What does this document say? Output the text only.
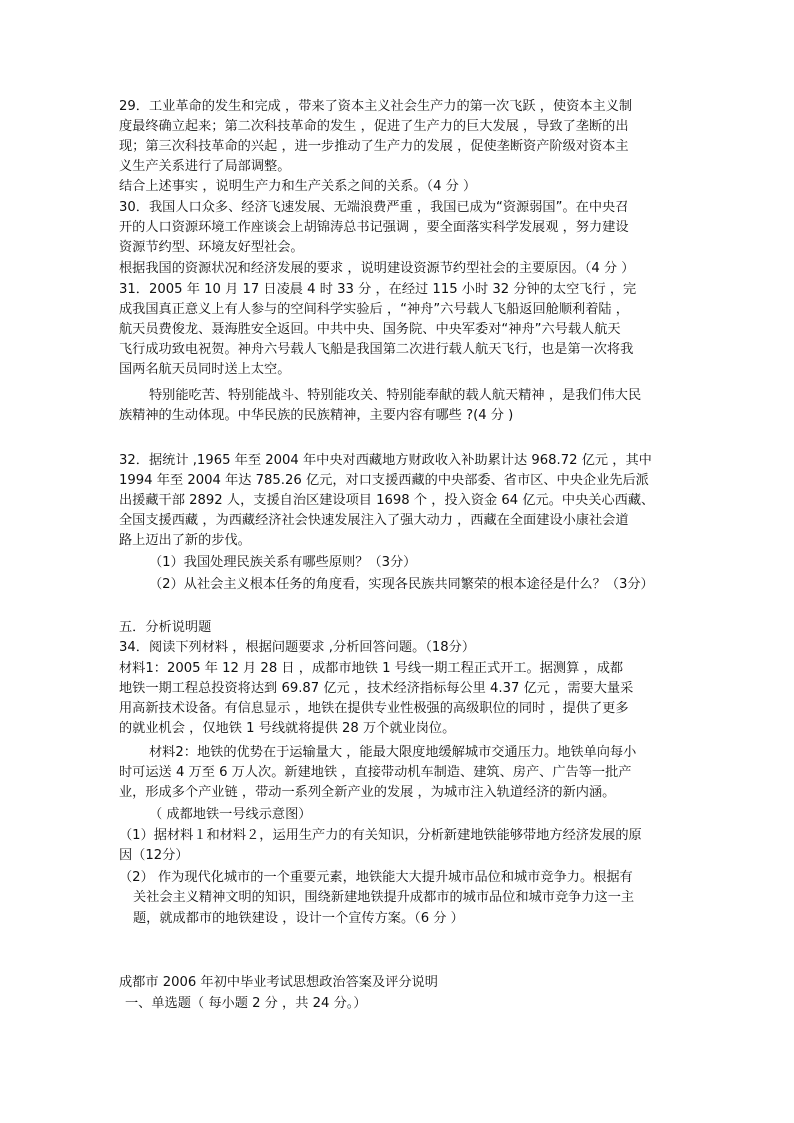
29．工业革命的发生和完成 ，带来了资本主义社会生产力的第一次飞跃 ，使资本主义制
度最终确立起来；第二次科技革命的发生 ，促进了生产力的巨大发展 ，导致了垄断的出
现；第三次科技革命的兴起 ，进一步推动了生产力的发展 ，促使垄断资产阶级对资本主
义生产关系进行了局部调整。
结合上述事实 ，说明生产力和生产关系之间的关系。（4 分 ）
30．我国人口众多、经济飞速发展、无端浪费严重 ，我国已成为“资源弱国”。在中央召
开的人口资源环境工作座谈会上胡锦涛总书记强调 ，要全面落实科学发展观 ，努力建设
资源节约型、环境友好型社会。
根据我国的资源状况和经济发展的要求 ，说明建设资源节约型社会的主要原因。（4 分 ）
31．2005 年 10 月 17 日凌晨 4 时 33 分 ，在经过 115 小时 32 分钟的太空飞行 ，完
成我国真正意义上有人参与的空间科学实验后 ，“神舟”六号载人飞船返回舱顺利着陆 ，
航天员费俊龙、聂海胜安全返回。中共中央、国务院、中央军委对“神舟”六号载人航天
飞行成功致电祝贺。神舟六号载人飞船是我国第二次进行载人航天飞行，也是第一次将我
国两名航天员同时送上太空。
特别能吃苦、特别能战斗、特别能攻关、特别能奉献的载人航天精神 ，是我们伟大民
族精神的生动体现。中华民族的民族精神，主要内容有哪些 ?(4 分 )
32．据统计 ,1965 年至 2004 年中央对西藏地方财政收入补助累计达 968.72 亿元 ，其中
1994 年至 2004 年达 785.26 亿元，对口支援西藏的中央部委、省市区、中央企业先后派
出援藏干部 2892 人，支援自治区建设项目 1698 个 ，投入资金 64 亿元。中央关心西藏、
全国支援西藏 ，为西藏经济社会快速发展注入了强大动力 ，西藏在全面建设小康社会道
路上迈出了新的步伐。
（1）我国处理民族关系有哪些原则？（3分）
（2）从社会主义根本任务的角度看，实现各民族共同繁荣的根本途径是什么？（3分）
五．分析说明题
34．阅读下列材料 ，根据问题要求 ,分析回答问题。（18分）
材料1：2005 年 12 月 28 日 ，成都市地铁 1 号线一期工程正式开工。据测算 ，成都
地铁一期工程总投资将达到 69.87 亿元 ，技术经济指标每公里 4.37 亿元 ，需要大量采
用高新技术设备。有信息显示 ，地铁在提供专业性极强的高级职位的同时 ，提供了更多
的就业机会 ，仅地铁 1 号线就将提供 28 万个就业岗位。
材料2：地铁的优势在于运输量大 ，能最大限度地缓解城市交通压力。地铁单向每小
时可运送 4 万至 6 万人次。新建地铁 ，直接带动机车制造、建筑、房产、广告等一批产
业，形成多个产业链 ，带动一系列全新产业的发展 ，为城市注入轨道经济的新内涵。
（ 成都地铁一号线示意图）
（1）据材料１和材料２，运用生产力的有关知识，分析新建地铁能够带地方经济发展的原
因（12分）
（2） 作为现代化城市的一个重要元素，地铁能大大提升城市品位和城市竞争力。根据有
关社会主义精神文明的知识，围绕新建地铁提升成都市的城市品位和城市竞争力这一主
题，就成都市的地铁建设 ，设计一个宣传方案。（6 分 ）
成都市 2006 年初中毕业考试思想政治答案及评分说明
一、单选题（ 每小题 2 分 ，共 24 分。）
